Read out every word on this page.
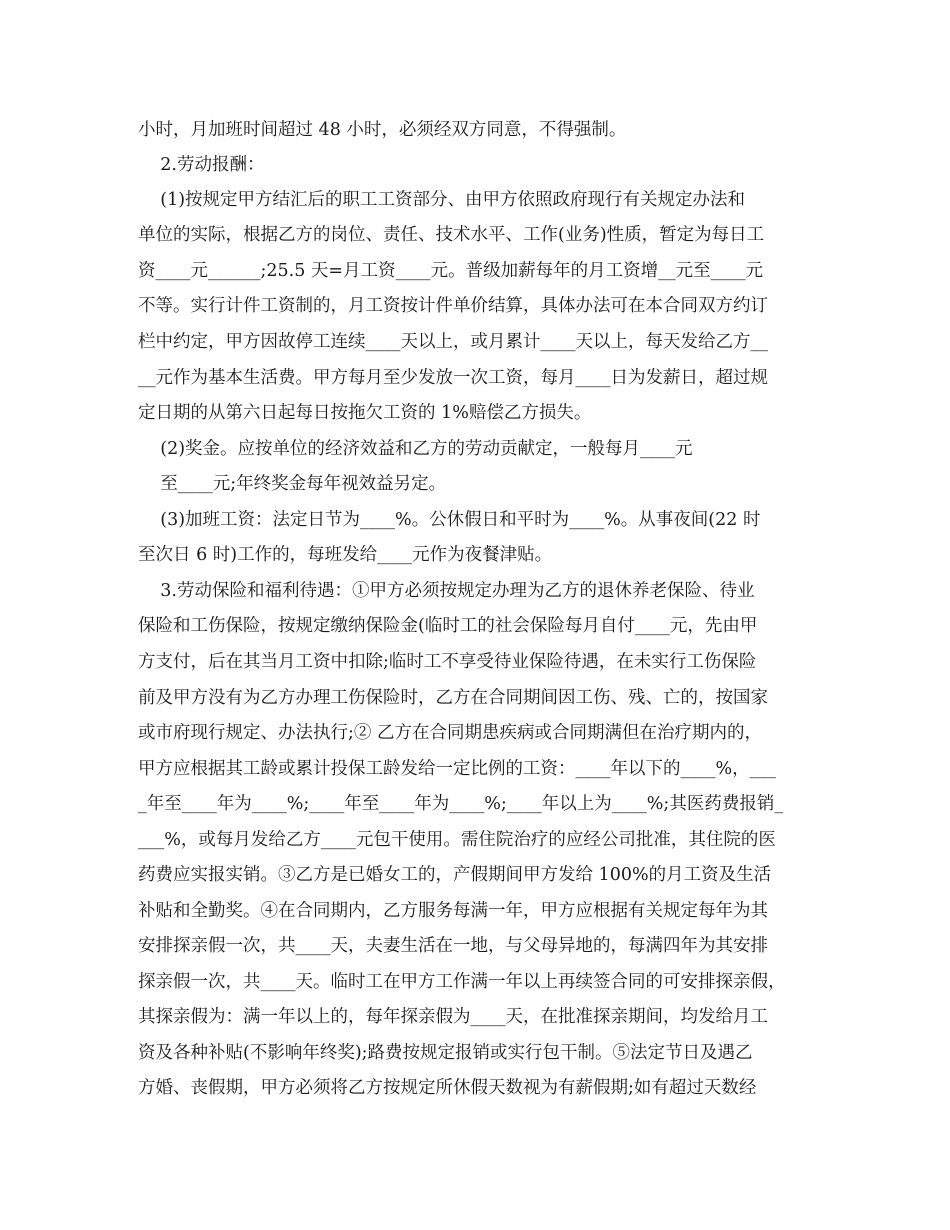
小时，月加班时间超过 48 小时，必须经双方同意，不得强制。
2.劳动报酬：
(1)按规定甲方结汇后的职工工资部分、由甲方依照政府现行有关规定办法和
单位的实际，根据乙方的岗位、责任、技术水平、工作(业务)性质，暂定为每日工
资____元______;25.5 天=月工资____元。普级加薪每年的月工资增__元至____元
不等。实行计件工资制的，月工资按计件单价结算，具体办法可在本合同双方约订
栏中约定，甲方因故停工连续____天以上，或月累计____天以上，每天发给乙方__
__元作为基本生活费。甲方每月至少发放一次工资，每月____日为发薪日，超过规
定日期的从第六日起每日按拖欠工资的 1%赔偿乙方损失。
(2)奖金。应按单位的经济效益和乙方的劳动贡献定，一般每月____元
至____元;年终奖金每年视效益另定。
(3)加班工资：法定日节为____%。公休假日和平时为____%。从事夜间(22 时
至次日 6 时)工作的，每班发给____元作为夜餐津贴。
3.劳动保险和福利待遇：①甲方必须按规定办理为乙方的退休养老保险、待业
保险和工伤保险，按规定缴纳保险金(临时工的社会保险每月自付____元，先由甲
方支付，后在其当月工资中扣除;临时工不享受待业保险待遇，在未实行工伤保险
前及甲方没有为乙方办理工伤保险时，乙方在合同期间因工伤、残、亡的，按国家
或市府现行规定、办法执行;② 乙方在合同期患疾病或合同期满但在治疗期内的，
甲方应根据其工龄或累计投保工龄发给一定比例的工资：____年以下的____%，___
_年至____年为____%;____年至____年为____%;____年以上为____%;其医药费报销_
___%，或每月发给乙方____元包干使用。需住院治疗的应经公司批准，其住院的医
药费应实报实销。③乙方是已婚女工的，产假期间甲方发给 100%的月工资及生活
补贴和全勤奖。④在合同期内，乙方服务每满一年，甲方应根据有关规定每年为其
安排探亲假一次，共____天，夫妻生活在一地，与父母异地的，每满四年为其安排
探亲假一次，共____天。临时工在甲方工作满一年以上再续签合同的可安排探亲假，
其探亲假为：满一年以上的，每年探亲假为____天，在批准探亲期间，均发给月工
资及各种补贴(不影响年终奖);路费按规定报销或实行包干制。⑤法定节日及遇乙
方婚、丧假期，甲方必须将乙方按规定所休假天数视为有薪假期;如有超过天数经
